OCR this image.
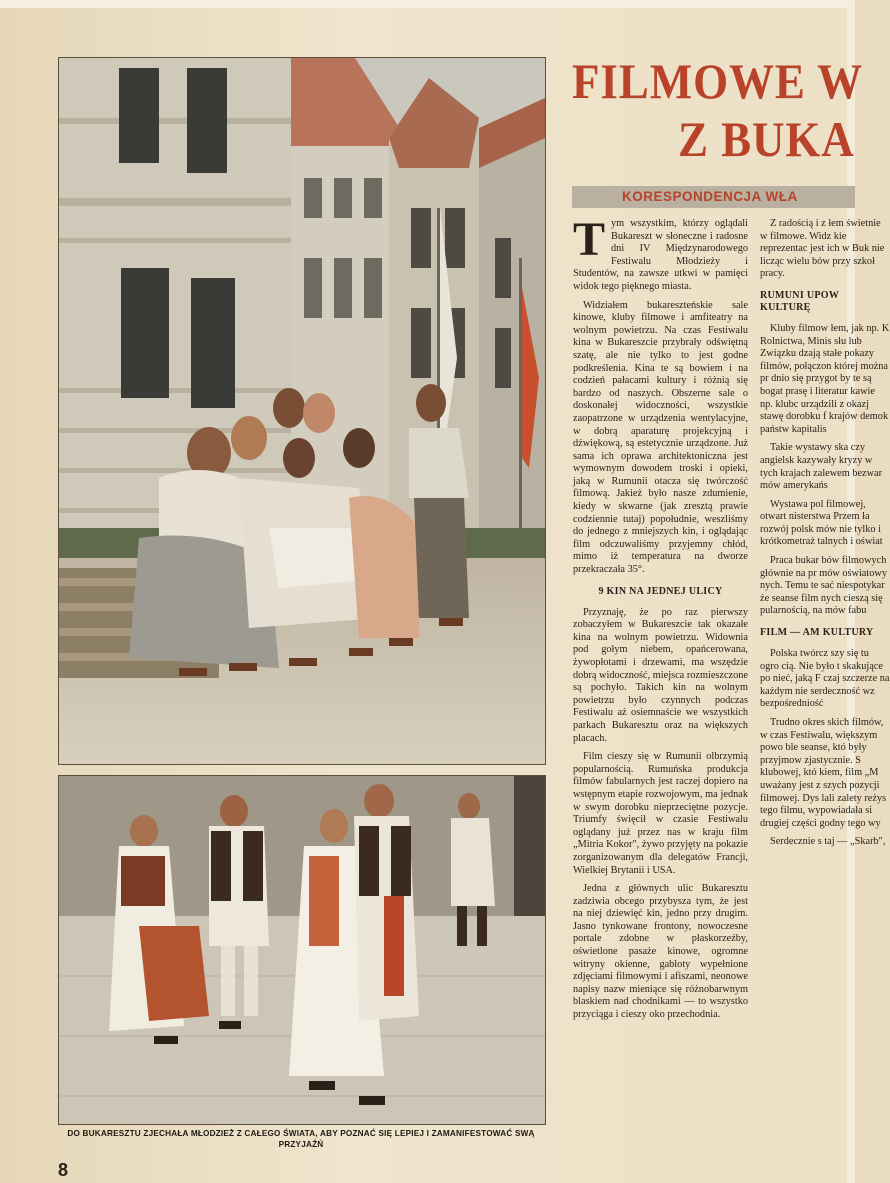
DO BUKARESZTU ZJECHAŁA MŁODZIEŻ Z CAŁEGO ŚWIATA, ABY POZNAĆ SIĘ LEPIEJ I ZAMANIFESTOWAĆ SWĄ PRZYJAŹŃ
8
FILMOWE W
Z BUKA
KORESPONDENCJA WŁA

Tym wszystkim, którzy oglądali Bukareszt w słoneczne i radosne dni IV Międzynarodowego Festiwalu Młodzieży i Studentów, na zawsze utkwi w pamięci widok tego pięknego miasta.

Widziałem bukareszteńskie sale kinowe, kluby filmowe i amfiteatry na wolnym powietrzu. Na czas Festiwalu kina w Bukareszcie przybrały odświętną szatę, ale nie tylko to jest godne podkreślenia. Kina te są bowiem i na codzień pałacami kultury i różnią się bardzo od naszych. Obszerne sale o doskonałej widoczności, wszystkie zaopatrzone w urządzenia wentylacyjne, w dobrą aparaturę projekcyjną i dźwiękową, są estetycznie urządzone. Już sama ich oprawa architektoniczna jest wymownym dowodem troski i opieki, jaką w Rumunii otacza się twórczość filmową. Jakież było nasze zdumienie, kiedy w skwarne (jak zresztą prawie codziennie tutaj) popołudnie, weszliśmy do jednego z mniejszych kin, i oglądając film odczuwaliśmy przyjemny chłód, mimo iż temperatura na dworze przekraczała 35°.

9 KIN NA JEDNEJ ULICY

Przyznaję, że po raz pierwszy zobaczyłem w Bukareszcie tak okazałe kina na wolnym powietrzu. Widownia pod gołym niebem, opańcerowana, żywopłotami i drzewami, ma wszędzie dobrą widoczność, miejsca rozmieszczone są pochyło. Takich kin na wolnym powietrzu było czynnych podczas Festiwalu aż osiemnaście we wszystkich parkach Bukaresztu oraz na większych placach.

Film cieszy się w Rumunii olbrzymią popularnością. Rumuńska produkcja filmów fabularnych jest raczej dopiero na wstępnym etapie rozwojowym, ma jednak w swym dorobku nieprzeciętne pozycje. Triumfy święcił w czasie Festiwalu oglądany już przez nas w kraju film „Mitria Kokor", żywo przyjęty na pokazie zorganizowanym dla delegatów Francji, Wielkiej Brytanii i USA.

Jedna z głównych ulic Bukaresztu zadziwia obcego przybysza tym, że jest na niej dziewięć kin, jedno przy drugim. Jasno tynkowane frontony, nowoczesne portale zdobne w płaskorzeźby, oświetlone pasaże kinowe, ogromne witryny okienne, gabloty wypełnione zdjęciami filmowymi i afiszami, neonowe napisy nazw mieniące się różnobarwnym blaskiem nad chodnikami — to wszystko przyciąga i cieszy oko przechodnia.

Z radością i z łem świetnie w filmowe. Widz kie reprezentac jest ich w Buk nie licząc wielu bów przy szkoł pracy.

RUMUNI UPOW KULTURĘ

Kluby filmow łem, jak np. K Rolnictwa, Minis słu lub Związku dzają stałe pokazy filmów, połączon której można pr dnio się przygot by te są bogat prasę i literatur kawie np. klubc urządzili z okazj stawę dorobku f krajów demok państw kapitalis

Takie wystawy ska czy angielsk kazywały kryzy w tych krajach zalewem bezwar mów amerykańs

Wystawa pol filmowej, otwart nisterstwa Przem ła rozwój polsk mów nie tylko i krótkometraż talnych i oświat

Praca bukar bów filmowych głównie na pr mów oświatowy nych. Temu te sać niespotykar że seanse film nych cieszą się pularnością, na mów fabu

FILM — AM KULTURY

Polska twórcz szy się tu ogro cią. Nie było t skakujące po nieć, jaką F czaj szczerze na każdym nie serdeczność wz bezpośredniość

Trudno okres skich filmów, w czas Festiwalu, większym powo ble seanse, któ były przyjmow zjastycznie. S klubowej, któ kiem, film „M uważany jest z szych pozycji filmowej. Dys lali zalety reżys tego filmu, wypowiadała si drugiej części godny tego wy

Serdecznie s taj — „Skarb",
